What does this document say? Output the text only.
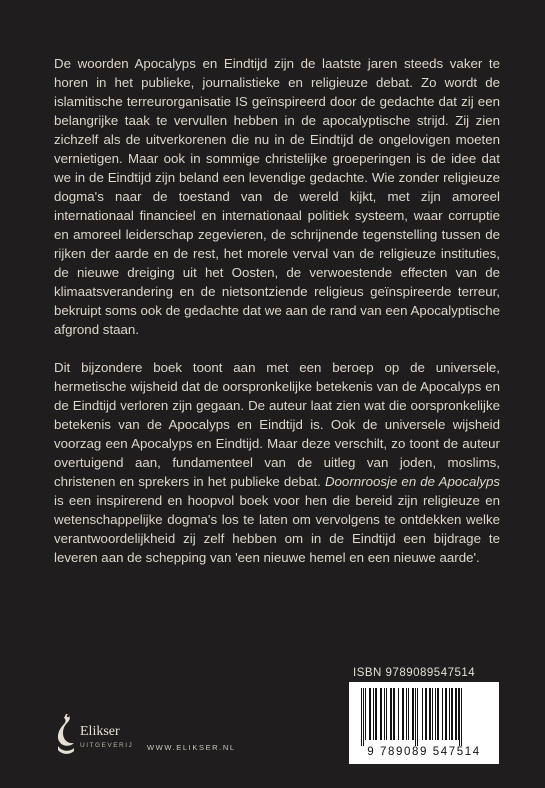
De woorden Apocalyps en Eindtijd zijn de laatste jaren steeds vaker te horen in het publieke, journalistieke en religieuze debat. Zo wordt de islamitische terreurorganisatie IS geïnspireerd door de gedachte dat zij een belangrijke taak te vervullen hebben in de apocalyptische strijd. Zij zien zichzelf als de uitverkorenen die nu in de Eindtijd de ongelovigen moeten vernietigen. Maar ook in sommige christelijke groeperingen is de idee dat we in de Eindtijd zijn beland een levendige gedachte. Wie zonder religieuze dogma's naar de toestand van de wereld kijkt, met zijn amoreel internationaal financieel en internationaal politiek systeem, waar corruptie en amoreel leiderschap zegevieren, de schrijnende tegenstelling tussen de rijken der aarde en de rest, het morele verval van de religieuze instituties, de nieuwe dreiging uit het Oosten, de verwoestende effecten van de klimaatsverandering en de nietsontziende religieus geïnspireerde terreur, bekruipt soms ook de gedachte dat we aan de rand van een Apocalyptische afgrond staan.

Dit bijzondere boek toont aan met een beroep op de universele, hermetische wijsheid dat de oorspronkelijke betekenis van de Apocalyps en de Eindtijd verloren zijn gegaan. De auteur laat zien wat die oorspronkelijke betekenis van de Apocalyps en Eindtijd is. Ook de universele wijsheid voorzag een Apocalyps en Eindtijd. Maar deze verschilt, zo toont de auteur overtuigend aan, fundamenteel van de uitleg van joden, moslims, christenen en sprekers in het publieke debat. Doornroosje en de Apocalyps is een inspirerend en hoopvol boek voor hen die bereid zijn religieuze en wetenschappelijke dogma's los te laten om vervolgens te ontdekken welke verantwoordelijkheid zij zelf hebben om in de Eindtijd een bijdrage te leveren aan de schepping van 'een nieuwe hemel en een nieuwe aarde'.

Elikser
UITGEVERIJ WWW.ELIKSER.NL
ISBN 9789089547514
9 789089 547514
